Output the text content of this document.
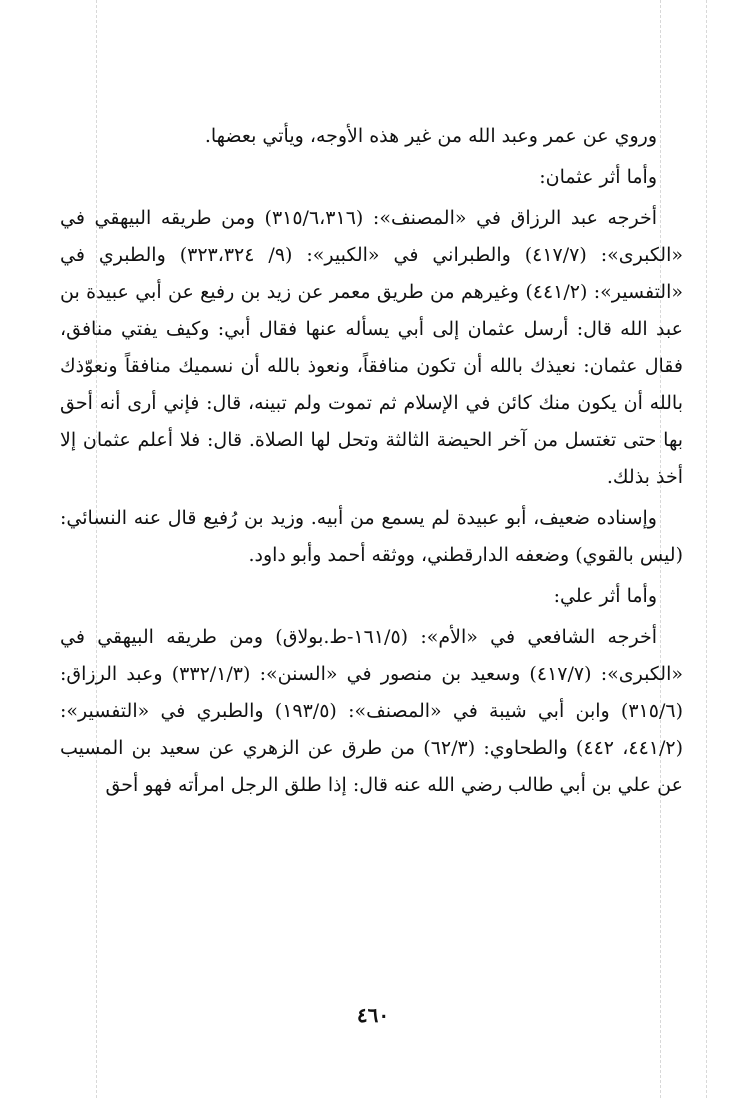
وروي عن عمر وعبد الله من غير هذه الأوجه، ويأتي بعضها.

وأما أثر عثمان:

أخرجه عبد الرزاق في «المصنف»: (٣١٥/٦،٣١٦) ومن طريقه البيهقي في «الكبرى»: (٤١٧/٧) والطبراني في «الكبير»: (٩/ ٣٢٣،٣٢٤) والطبري في «التفسير»: (٤٤١/٢) وغيرهم من طريق معمر عن زيد بن رفيع عن أبي عبيدة بن عبد الله قال: أرسل عثمان إلى أبي يسأله عنها فقال أبي: وكيف يفتي منافق، فقال عثمان: نعيذك بالله أن تكون منافقاً، ونعوذ بالله أن نسميك منافقاً ونعوّذك بالله أن يكون منك كائن في الإسلام ثم تموت ولم تبينه، قال: فإني أرى أنه أحق بها حتى تغتسل من آخر الحيضة الثالثة وتحل لها الصلاة. قال: فلا أعلم عثمان إلا أخذ بذلك.

وإسناده ضعيف، أبو عبيدة لم يسمع من أبيه. وزيد بن رُفيع قال عنه النسائي: (ليس بالقوي) وضعفه الدارقطني، ووثقه أحمد وأبو داود.

وأما أثر علي:

أخرجه الشافعي في «الأم»: (١٦١/٥-ط.بولاق) ومن طريقه البيهقي في «الكبرى»: (٤١٧/٧) وسعيد بن منصور في «السنن»: (٣٣٢/١/٣) وعبد الرزاق: (٣١٥/٦) وابن أبي شيبة في «المصنف»: (١٩٣/٥) والطبري في «التفسير»: (٤٤١/٢، ٤٤٢) والطحاوي: (٦٢/٣) من طرق عن الزهري عن سعيد بن المسيب عن علي بن أبي طالب رضي الله عنه قال: إذا طلق الرجل امرأته فهو أحق

٤٦٠
